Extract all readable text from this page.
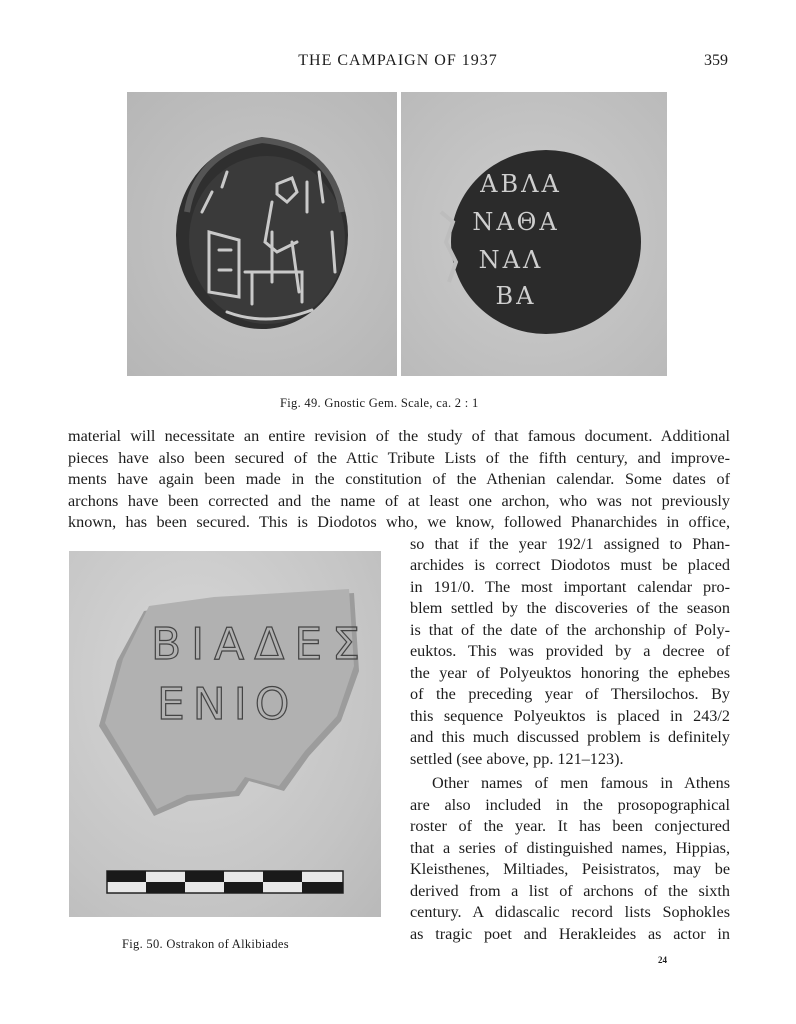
THE CAMPAIGN OF 1937	359
ΑΒΛΑ
ΝΑΘΑ
ΝΑΛ
ΒΑ
Fig. 49. Gnostic Gem. Scale, ca. 2 : 1
material will necessitate an entire revision of the study of that famous document. Additional
pieces have also been secured of the Attic Tribute Lists of the fifth century, and improve-
ments have again been made in the constitution of the Athenian calendar. Some dates of
archons have been corrected and the name of at least one archon, who was not previously
known, has been secured. This is Diodotos who, we know, followed Phanarchides in office,
ΒΙΑΔΕΣ
ΕΝΙΟ
so that if the year 192/1 assigned to Phan-
archides is correct Diodotos must be placed
in 191/0. The most important calendar pro-
blem settled by the discoveries of the season
is that of the date of the archonship of Poly-
euktos. This was provided by a decree of
the year of Polyeuktos honoring the ephebes
of the preceding year of Thersilochos. By
this sequence Polyeuktos is placed in 243/2
and this much discussed problem is definitely
settled (see above, pp. 121–123).
Other names of men famous in Athens
are also included in the prosopographical
roster of the year. It has been conjectured
that a series of distinguished names, Hippias,
Kleisthenes, Miltiades, Peisistratos, may be
derived from a list of archons of the sixth
century. A didascalic record lists Sophokles
as tragic poet and Herakleides as actor in
Fig. 50. Ostrakon of Alkibiades
24
